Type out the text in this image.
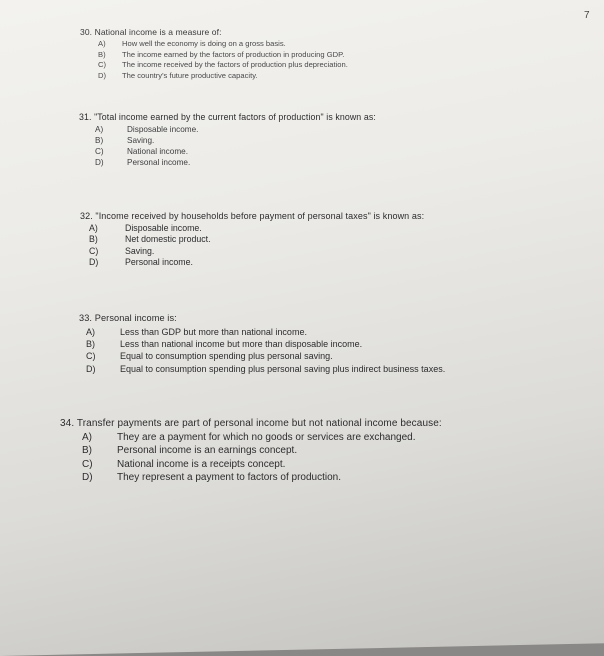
7
30. National income is a measure of:
A)	How well the economy is doing on a gross basis.
B)	The income earned by the factors of production in producing GDP.
C)	The income received by the factors of production plus depreciation.
D)	The country's future productive capacity.
31. "Total income earned by the current factors of production" is known as:
A)	Disposable income.
B)	Saving.
C)	National income.
D)	Personal income.
32. "Income received by households before payment of personal taxes" is known as:
A)	Disposable income.
B)	Net domestic product.
C)	Saving.
D)	Personal income.
33. Personal income is:
A)	Less than GDP but more than national income.
B)	Less than national income but more than disposable income.
C)	Equal to consumption spending plus personal saving.
D)	Equal to consumption spending plus personal saving plus indirect business taxes.
34. Transfer payments are part of personal income but not national income because:
A)	They are a payment for which no goods or services are exchanged.
B)	Personal income is an earnings concept.
C)	National income is a receipts concept.
D)	They represent a payment to factors of production.
